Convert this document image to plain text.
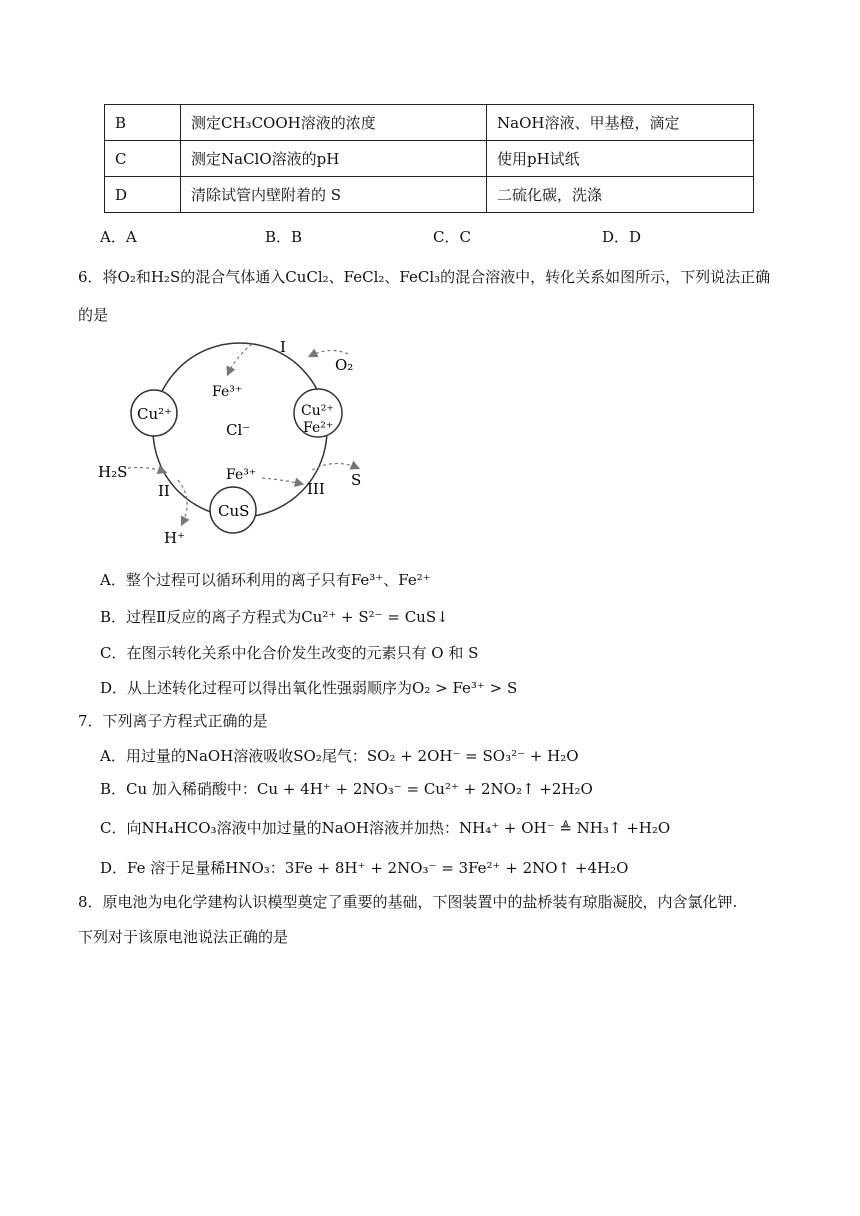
B	测定CH₃COOH溶液的浓度	NaOH溶液、甲基橙，滴定
C	测定NaClO溶液的pH	使用pH试纸
D	清除试管内壁附着的 S	二硫化碳，洗涤
A．A	B．B	C．C	D．D
6．将O₂和H₂S的混合气体通入CuCl₂、FeCl₂、FeCl₃的混合溶液中，转化关系如图所示，下列说法正确
的是
Cu²⁺	Cu²⁺
Fe²⁺
CuS
Cl⁻
Fe³⁺
Fe³⁺
O₂
H₂S
H⁺
S
I
II	III
A．整个过程可以循环利用的离子只有Fe³⁺、Fe²⁺
B．过程Ⅱ反应的离子方程式为Cu²⁺ + S²⁻ = CuS↓
C．在图示转化关系中化合价发生改变的元素只有 O 和 S
D．从上述转化过程可以得出氧化性强弱顺序为O₂ > Fe³⁺ > S
7．下列离子方程式正确的是
A．用过量的NaOH溶液吸收SO₂尾气：SO₂ + 2OH⁻ = SO₃²⁻ + H₂O
B．Cu 加入稀硝酸中：Cu + 4H⁺ + 2NO₃⁻ = Cu²⁺ + 2NO₂↑ +2H₂O
C．向NH₄HCO₃溶液中加过量的NaOH溶液并加热：NH₄⁺ + OH⁻ ≜ NH₃↑ +H₂O
D．Fe 溶于足量稀HNO₃：3Fe + 8H⁺ + 2NO₃⁻ = 3Fe²⁺ + 2NO↑ +4H₂O
8．原电池为电化学建构认识模型奠定了重要的基础，下图装置中的盐桥装有琼脂凝胶，内含氯化钾.
下列对于该原电池说法正确的是
